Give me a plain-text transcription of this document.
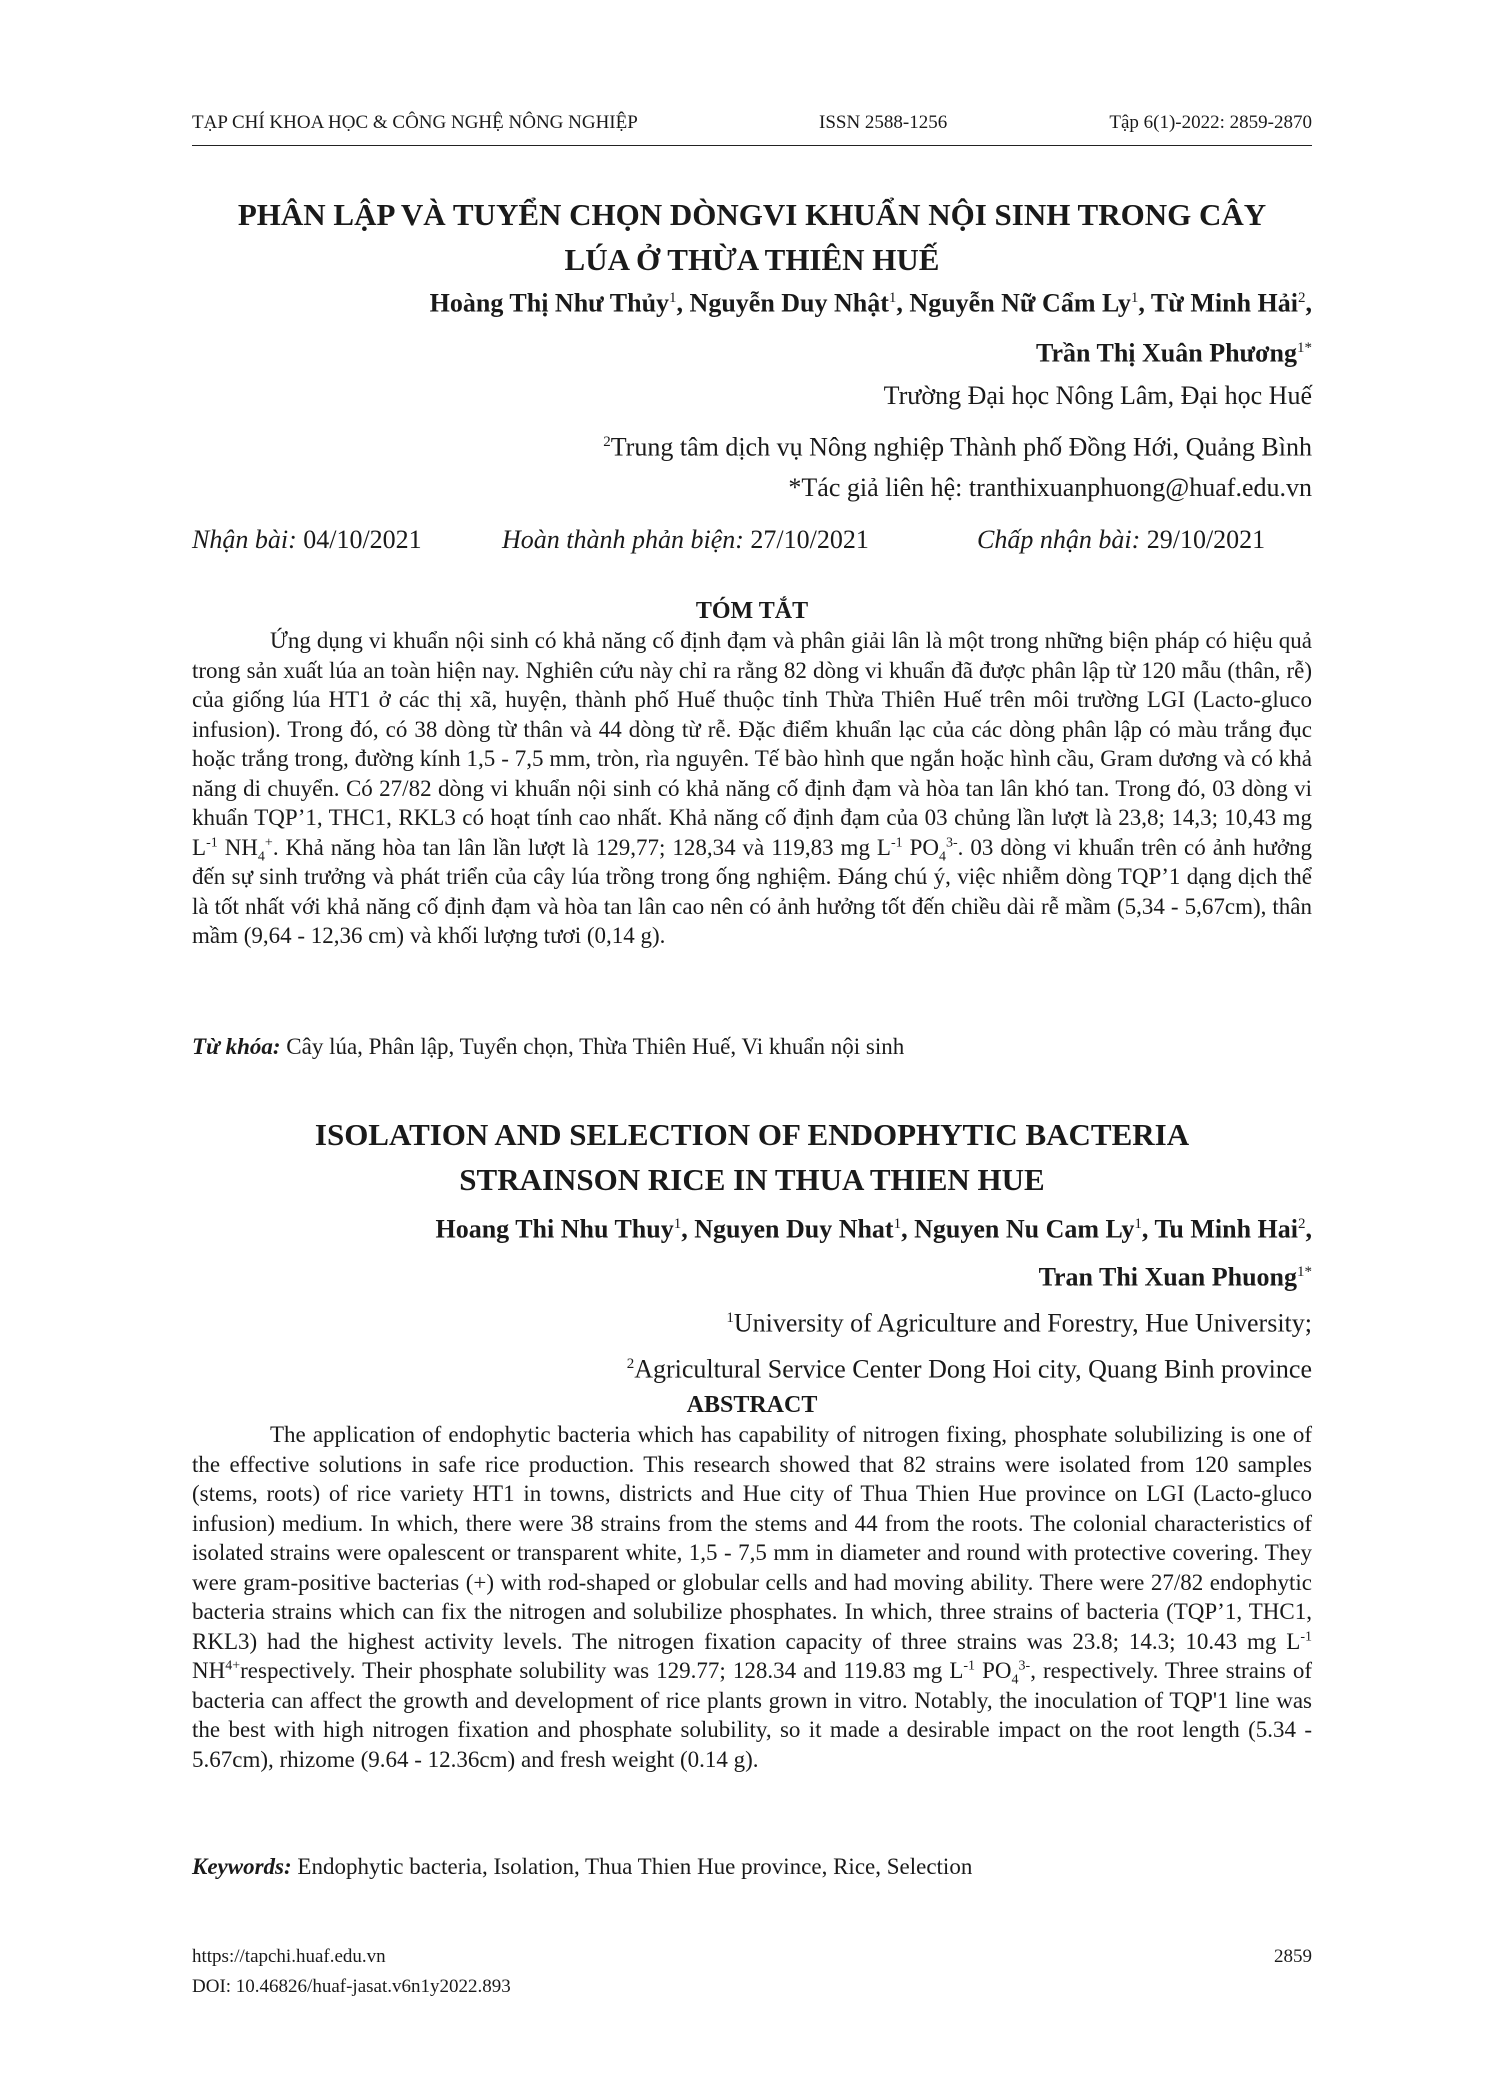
TẠP CHÍ KHOA HỌC & CÔNG NGHỆ NÔNG NGHIỆP	ISSN 2588-1256	Tập 6(1)-2022: 2859-2870
PHÂN LẬP VÀ TUYỂN CHỌN DÒNGVI KHUẨN NỘI SINH TRONG CÂY
LÚA Ở THỪA THIÊN HUẾ
Hoàng Thị Như Thủy$^1$, Nguyễn Duy Nhật$^1$, Nguyễn Nữ Cẩm Ly$^1$, Từ Minh Hải$^2$,
Trần Thị Xuân Phương$^{1*}$
Trường Đại học Nông Lâm, Đại học Huế
$^2$Trung tâm dịch vụ Nông nghiệp Thành phố Đồng Hới, Quảng Bình
*Tác giả liên hệ: tranthixuanphuong@huaf.edu.vn
Nhận bài: 04/10/2021	Hoàn thành phản biện: 27/10/2021	Chấp nhận bài: 29/10/2021
TÓM TẮT

Ứng dụng vi khuẩn nội sinh có khả năng cố định đạm và phân giải lân là một trong những biện pháp có hiệu quả trong sản xuất lúa an toàn hiện nay. Nghiên cứu này chỉ ra rằng 82 dòng vi khuẩn đã được phân lập từ 120 mẫu (thân, rễ) của giống lúa HT1 ở các thị xã, huyện, thành phố Huế thuộc tỉnh Thừa Thiên Huế trên môi trường LGI (Lacto-gluco infusion). Trong đó, có 38 dòng từ thân và 44 dòng từ rễ. Đặc điểm khuẩn lạc của các dòng phân lập có màu trắng đục hoặc trắng trong, đường kính 1,5 - 7,5 mm, tròn, rìa nguyên. Tế bào hình que ngắn hoặc hình cầu, Gram dương và có khả năng di chuyển. Có 27/82 dòng vi khuẩn nội sinh có khả năng cố định đạm và hòa tan lân khó tan. Trong đó, 03 dòng vi khuẩn TQP’1, THC1, RKL3 có hoạt tính cao nhất. Khả năng cố định đạm của 03 chủng lần lượt là 23,8; 14,3; 10,43 mg $L^{-1}$ $NH_4^+$. Khả năng hòa tan lân lần lượt là 129,77; 128,34 và 119,83 mg $L^{-1}$ $PO_4^{3-}$. 03 dòng vi khuẩn trên có ảnh hưởng đến sự sinh trưởng và phát triển của cây lúa trồng trong ống nghiệm. Đáng chú ý, việc nhiễm dòng TQP’1 dạng dịch thể là tốt nhất với khả năng cố định đạm và hòa tan lân cao nên có ảnh hưởng tốt đến chiều dài rễ mầm (5,34 - 5,67cm), thân mầm (9,64 - 12,36 cm) và khối lượng tươi (0,14 g).

Từ khóa: Cây lúa, Phân lập, Tuyển chọn, Thừa Thiên Huế, Vi khuẩn nội sinh
ISOLATION AND SELECTION OF ENDOPHYTIC BACTERIA
STRAINSON RICE IN THUA THIEN HUE
Hoang Thi Nhu Thuy$^1$, Nguyen Duy Nhat$^1$, Nguyen Nu Cam Ly$^1$, Tu Minh Hai$^2$,
Tran Thi Xuan Phuong$^{1*}$
$^1$University of Agriculture and Forestry, Hue University;
$^2$Agricultural Service Center Dong Hoi city, Quang Binh province
ABSTRACT

The application of endophytic bacteria which has capability of nitrogen fixing, phosphate solubilizing is one of the effective solutions in safe rice production. This research showed that 82 strains were isolated from 120 samples (stems, roots) of rice variety HT1 in towns, districts and Hue city of Thua Thien Hue province on LGI (Lacto-gluco infusion) medium. In which, there were 38 strains from the stems and 44 from the roots. The colonial characteristics of isolated strains were opalescent or transparent white, 1,5 - 7,5 mm in diameter and round with protective covering. They were gram-positive bacterias (+) with rod-shaped or globular cells and had moving ability. There were 27/82 endophytic bacteria strains which can fix the nitrogen and solubilize phosphates. In which, three strains of bacteria (TQP’1, THC1, RKL3) had the highest activity levels. The nitrogen fixation capacity of three strains was 23.8; 14.3; 10.43 mg $L^{-1}$ $NH^{4+}respectively$. Their phosphate solubility was 129.77; 128.34 and 119.83 mg $L^{-1}$ $PO_4^{3-}$, respectively. Three strains of bacteria can affect the growth and development of rice plants grown in vitro. Notably, the inoculation of TQP'1 line was the best with high nitrogen fixation and phosphate solubility, so it made a desirable impact on the root length (5.34 - 5.67cm), rhizome (9.64 - 12.36cm) and fresh weight (0.14 g).

Keywords: Endophytic bacteria, Isolation, Thua Thien Hue province, Rice, Selection
https://tapchi.huaf.edu.vn
DOI: 10.46826/huaf-jasat.v6n1y2022.893
2859
